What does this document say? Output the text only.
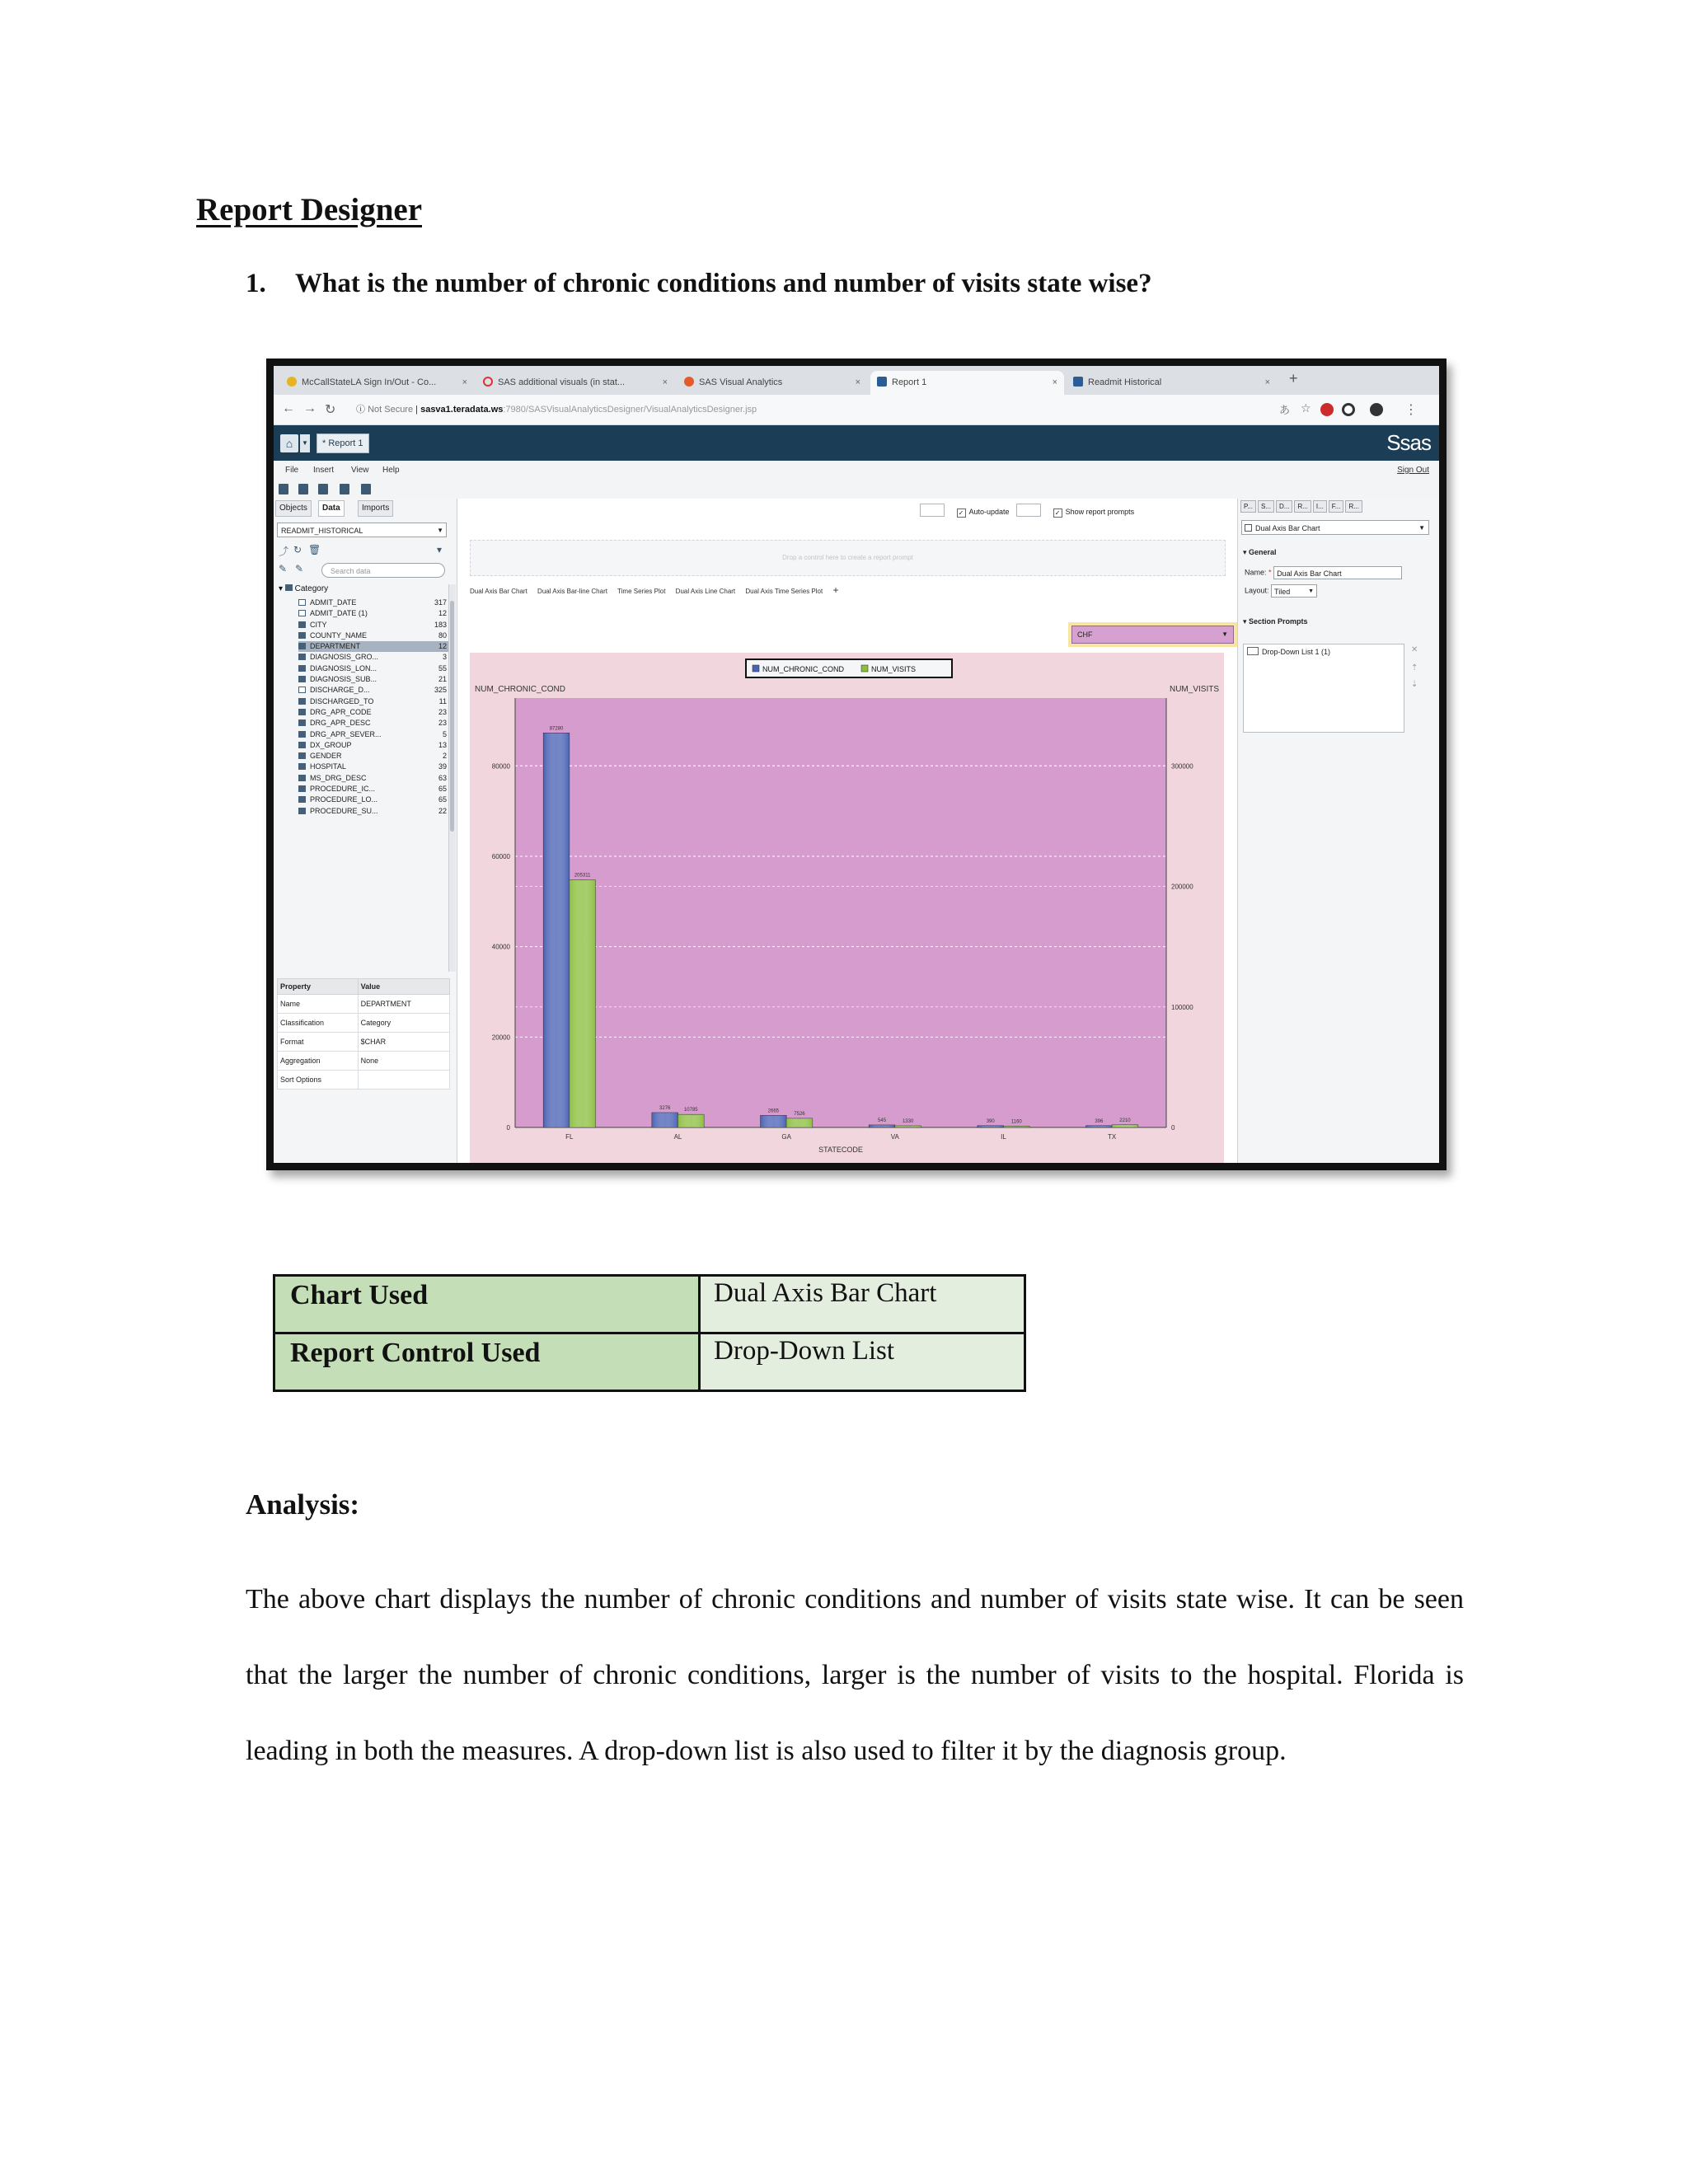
Report Designer

1. What is the number of chronic conditions and number of visits state wise?

McCallStateLA Sign In/Out - Co...	×	SAS additional visuals (in stat...	×	SAS Visual Analytics	×	Report 1	×	Readmit Historical	× +
← → ↻ ⓘ Not Secure | sasva1.teradata.ws:7980/SASVisualAnalyticsDesigner/VisualAnalyticsDesigner.jsp	あ ☆	⋮
⌂	▼	* Report 1	Ssas
File Insert View Help	Sign Out
Objects	Data	Imports
READMIT_HISTORICAL	▼
⤴ ↻ 🗑	▾
✎ ✎	Search data
▾  Category
ADMIT_DATE	317
ADMIT_DATE (1)	12
CITY	183
COUNTY_NAME	80
DEPARTMENT	12
DIAGNOSIS_GRO...	3
DIAGNOSIS_LON...	55
DIAGNOSIS_SUB...	21
DISCHARGE_D...	325
DISCHARGED_TO	11
DRG_APR_CODE	23
DRG_APR_DESC	23
DRG_APR_SEVER...	5
DX_GROUP	13
GENDER	2
HOSPITAL	39
MS_DRG_DESC	63
PROCEDURE_IC...	65
PROCEDURE_LO...	65
PROCEDURE_SU...	22
Property	Value
Name	DEPARTMENT
Classification	Category
Format	$CHAR
Aggregation	None
Sort Options	
✓ Auto-update	✓ Show report prompts
Drop a control here to create a report prompt
Dual Axis Bar Chart Dual Axis Bar-line Chart Time Series Plot Dual Axis Line Chart Dual Axis Time Series Plot +
CHF	▼
0
20000
40000
60000
80000
0
100000
200000
300000
87280
205311
FL
3276	10785
AL
2665
7526
GA
545	1330
VA
390	1160
IL
396	2210
TX
NUM_CHRONIC_COND	NUM_VISITS
STATECODE
NUM_CHRONIC_COND	NUM_VISITS
P... S... D... R... I... F... R...
Dual Axis Bar Chart	▼
▾ General
Name: * Dual Axis Bar Chart
Layout: Tiled	▼
▾ Section Prompts
Drop-Down List 1 (1)	✕
⇡
⇣
Chart Used	Dual Axis Bar Chart
Report Control Used	Drop-Down List
Analysis:

The above chart displays the number of chronic conditions and number of visits state wise. It can be seen that the larger the number of chronic conditions, larger is the number of visits to the hospital. Florida is leading in both the measures. A drop-down list is also used to filter it by the diagnosis group.
